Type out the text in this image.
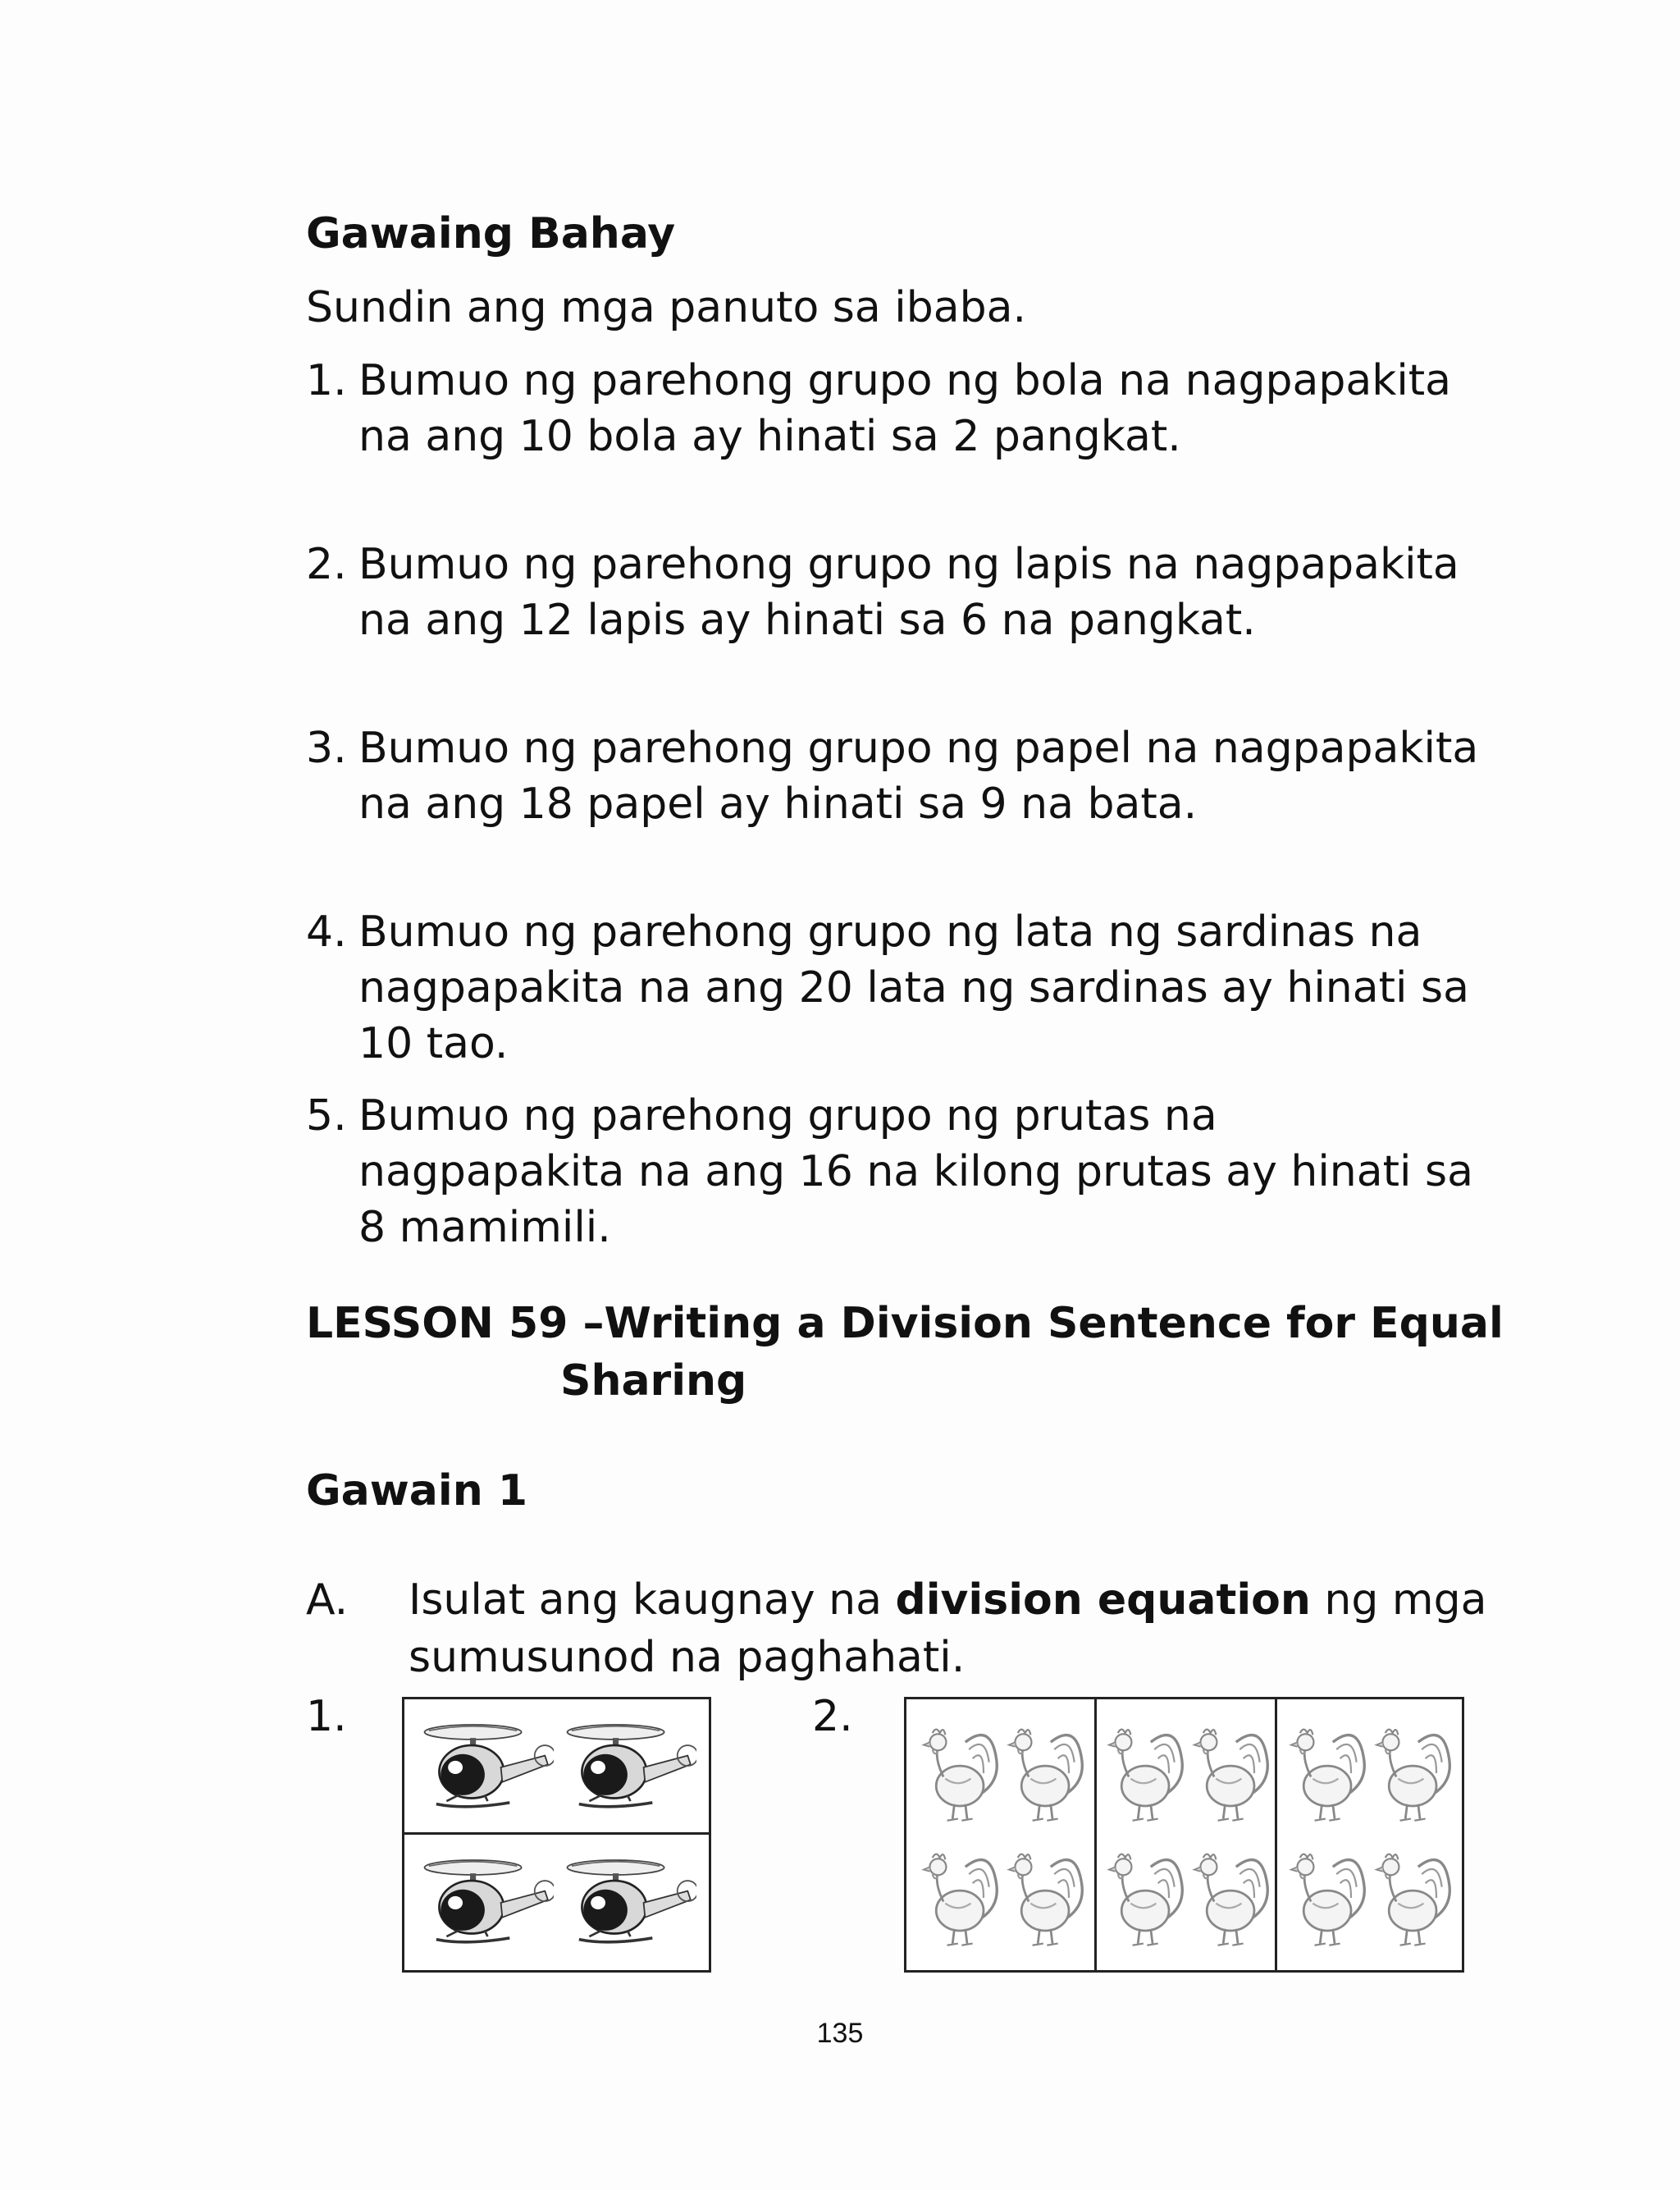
Gawaing Bahay

Sundin ang mga panuto sa ibaba.

1. Bumuo ng parehong grupo ng bola na nagpapakita na ang 10 bola ay hinati sa 2 pangkat.
2. Bumuo ng parehong grupo ng lapis na nagpapakita na ang 12 lapis ay hinati sa 6 na pangkat.
3. Bumuo ng parehong grupo ng papel na nagpapakita na ang 18 papel ay hinati sa 9 na bata.
4. Bumuo ng parehong grupo ng lata ng sardinas na nagpapakita na ang 20 lata ng sardinas ay hinati sa 10 tao.
5. Bumuo ng parehong grupo ng prutas na nagpapakita na ang 16 na kilong prutas ay hinati sa 8 mamimili.
LESSON 59 –Writing a Division Sentence for Equal
Sharing
Gawain 1
A. Isulat ang kaugnay na division equation ng mga sumusunod na paghahati.
1.	2.
135
